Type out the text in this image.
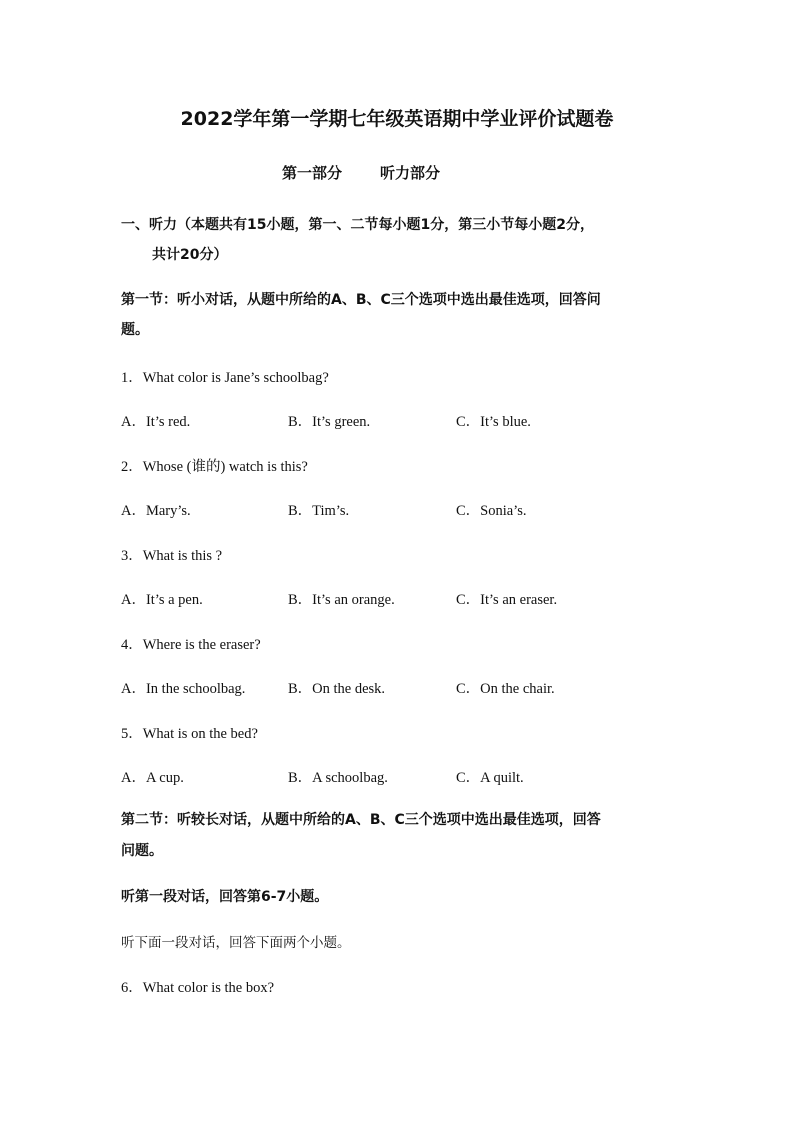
2022学年第一学期七年级英语期中学业评价试题卷
第一部分	听力部分
一、听力（本题共有15小题，第一、二节每小题1分，第三小节每小题2分，
共计20分）
第一节：听小对话，从题中所给的A、B、C三个选项中选出最佳选项，回答问
题。
1．What color is Jane’s schoolbag?
A．It’s red.	B．It’s green.	C．It’s blue.
2．Whose (谁的) watch is this?
A．Mary’s.	B．Tim’s.	C．Sonia’s.
3．What is this ?
A．It’s a pen.	B．It’s an orange.	C．It’s an eraser.
4．Where is the eraser?
A．In the schoolbag.	B．On the desk.	C．On the chair.
5．What is on the bed?
A．A cup.	B．A schoolbag.	C．A quilt.
第二节：听较长对话，从题中所给的A、B、C三个选项中选出最佳选项，回答
问题。
听第一段对话，回答第6-7小题。
听下面一段对话，回答下面两个小题。
6．What color is the box?
